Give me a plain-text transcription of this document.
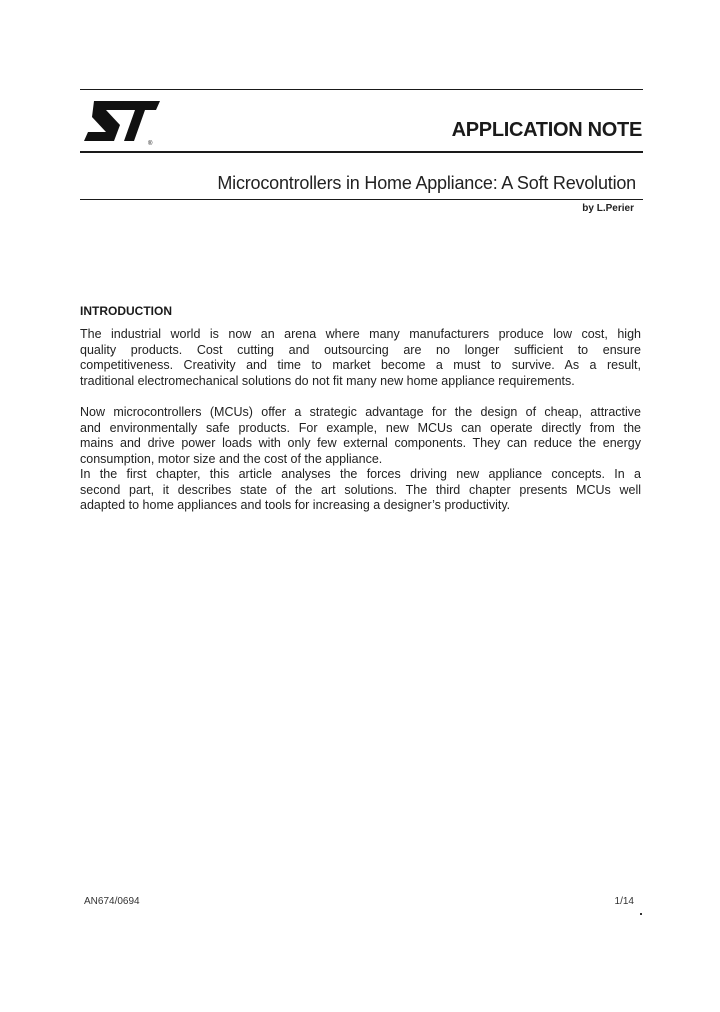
®
APPLICATION NOTE
Microcontrollers in Home Appliance: A Soft Revolution
by L.Perier
INTRODUCTION
The industrial world is now an arena where many manufacturers produce low cost, high
quality products. Cost cutting and outsourcing are no longer sufficient to ensure
competitiveness. Creativity and time to market become a must to survive. As a result,
traditional electromechanical solutions do not fit many new home appliance requirements.
Now microcontrollers (MCUs) offer a strategic advantage for the design of cheap, attractive
and environmentally safe products. For example, new MCUs can operate directly from the
mains and drive power loads with only few external components. They can reduce the energy
consumption, motor size and the cost of the appliance.
In the first chapter, this article analyses the forces driving new appliance concepts. In a
second part, it describes state of the art solutions. The third chapter presents MCUs well
adapted to home appliances and tools for increasing a designer’s productivity.
AN674/0694	1/14
